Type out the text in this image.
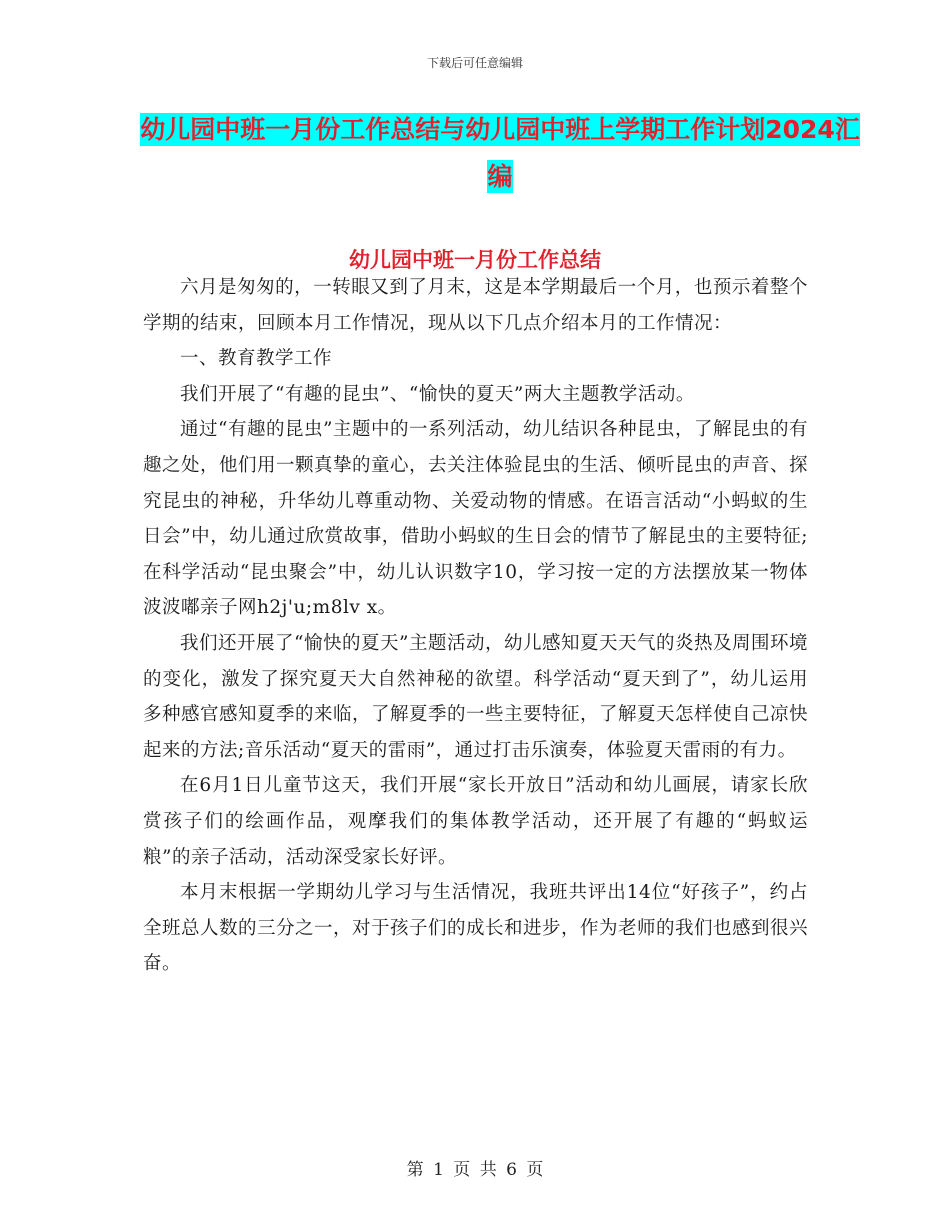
下载后可任意编辑
幼儿园中班一月份工作总结与幼儿园中班上学期工作计划2024汇编
幼儿园中班一月份工作总结

六月是匆匆的，一转眼又到了月末，这是本学期最后一个月，也预示着整个学期的结束，回顾本月工作情况，现从以下几点介绍本月的工作情况：

一、教育教学工作

我们开展了“有趣的昆虫”、“愉快的夏天”两大主题教学活动。

通过“有趣的昆虫”主题中的一系列活动，幼儿结识各种昆虫，了解昆虫的有趣之处，他们用一颗真挚的童心，去关注体验昆虫的生活、倾听昆虫的声音、探究昆虫的神秘，升华幼儿尊重动物、关爱动物的情感。在语言活动“小蚂蚁的生日会”中，幼儿通过欣赏故事，借助小蚂蚁的生日会的情节了解昆虫的主要特征;在科学活动“昆虫聚会”中，幼儿认识数字10，学习按一定的方法摆放某一物体波波嘟亲子网h2j'u;m8lv x。

我们还开展了“愉快的夏天”主题活动，幼儿感知夏天天气的炎热及周围环境的变化，激发了探究夏天大自然神秘的欲望。科学活动“夏天到了”，幼儿运用多种感官感知夏季的来临，了解夏季的一些主要特征，了解夏天怎样使自己凉快起来的方法;音乐活动“夏天的雷雨”，通过打击乐演奏，体验夏天雷雨的有力。

在6月1日儿童节这天，我们开展“家长开放日”活动和幼儿画展，请家长欣赏孩子们的绘画作品，观摩我们的集体教学活动，还开展了有趣的“蚂蚁运粮”的亲子活动，活动深受家长好评。

本月末根据一学期幼儿学习与生活情况，我班共评出14位“好孩子”，约占全班总人数的三分之一，对于孩子们的成长和进步，作为老师的我们也感到很兴奋。

第 1 页 共 6 页
